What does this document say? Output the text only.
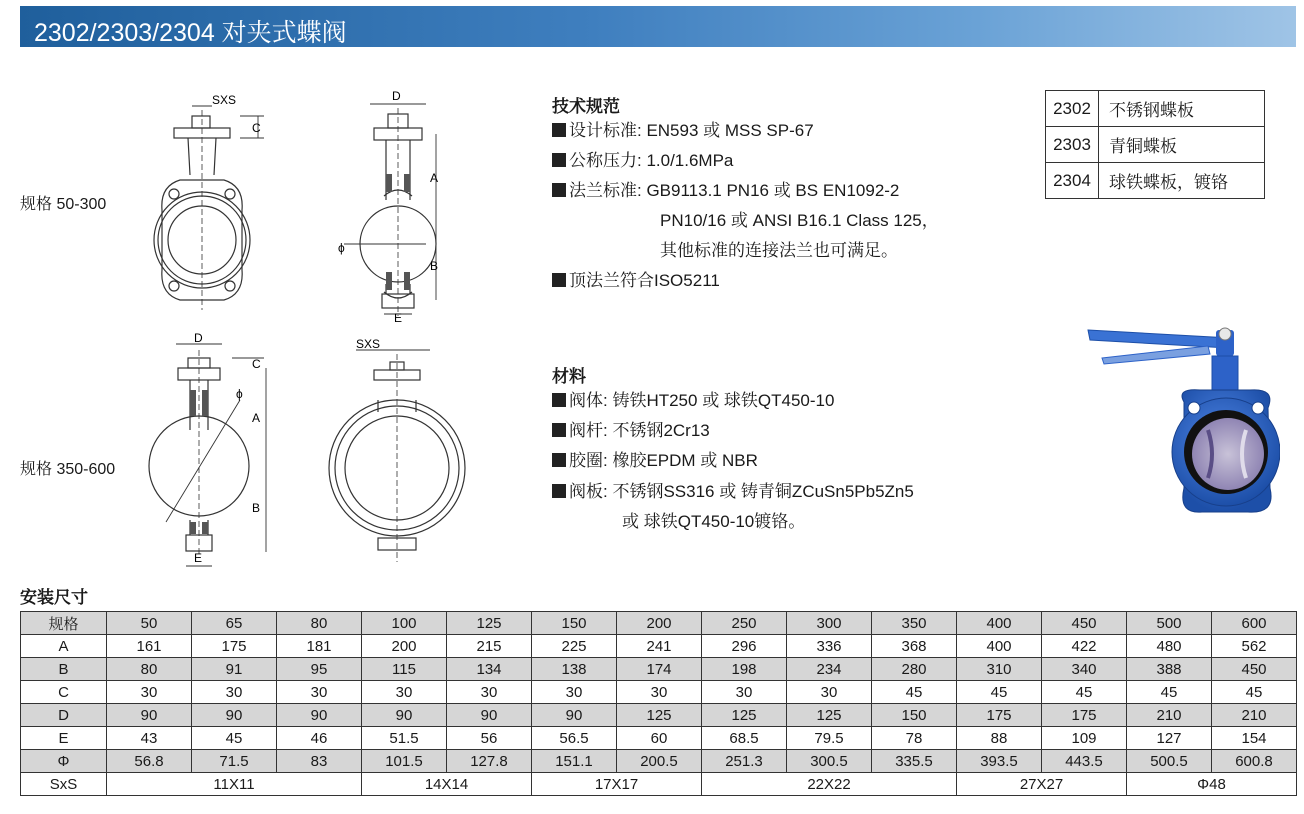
2302/2303/2304 对夹式蝶阀
规格 50-300
规格 350-600
SXS
C
D
A
B
ϕ
E
D
C
A
B
ϕ
E
SXS
技术规范
设计标准: EN593 或 MSS SP-67
公称压力: 1.0/1.6MPa
法兰标准: GB9113.1 PN16 或 BS EN1092-2
PN10/16 或 ANSI B16.1 Class 125，
其他标准的连接法兰也可满足。
顶法兰符合ISO5211
材料
阀体: 铸铁HT250 或 球铁QT450-10
阀杆: 不锈钢2Cr13
胶圈: 橡胶EPDM 或 NBR
阀板: 不锈钢SS316 或 铸青铜ZCuSn5Pb5Zn5
或 球铁QT450-10镀铬。
2302	不锈钢蝶板
2303	青铜蝶板
2304	球铁蝶板，镀铬
安装尺寸
规格	50	65	80	100	125	150	200	250	300	350	400	450	500	600
A	161	175	181	200	215	225	241	296	336	368	400	422	480	562
B	80	91	95	115	134	138	174	198	234	280	310	340	388	450
C	30	30	30	30	30	30	30	30	30	45	45	45	45	45
D	90	90	90	90	90	90	125	125	125	150	175	175	210	210
E	43	45	46	51.5	56	56.5	60	68.5	79.5	78	88	109	127	154
Φ	56.8	71.5	83	101.5	127.8	151.1	200.5	251.3	300.5	335.5	393.5	443.5	500.5	600.8
SxS	11X11			14X14		17X17		22X22			27X27		Φ48	
